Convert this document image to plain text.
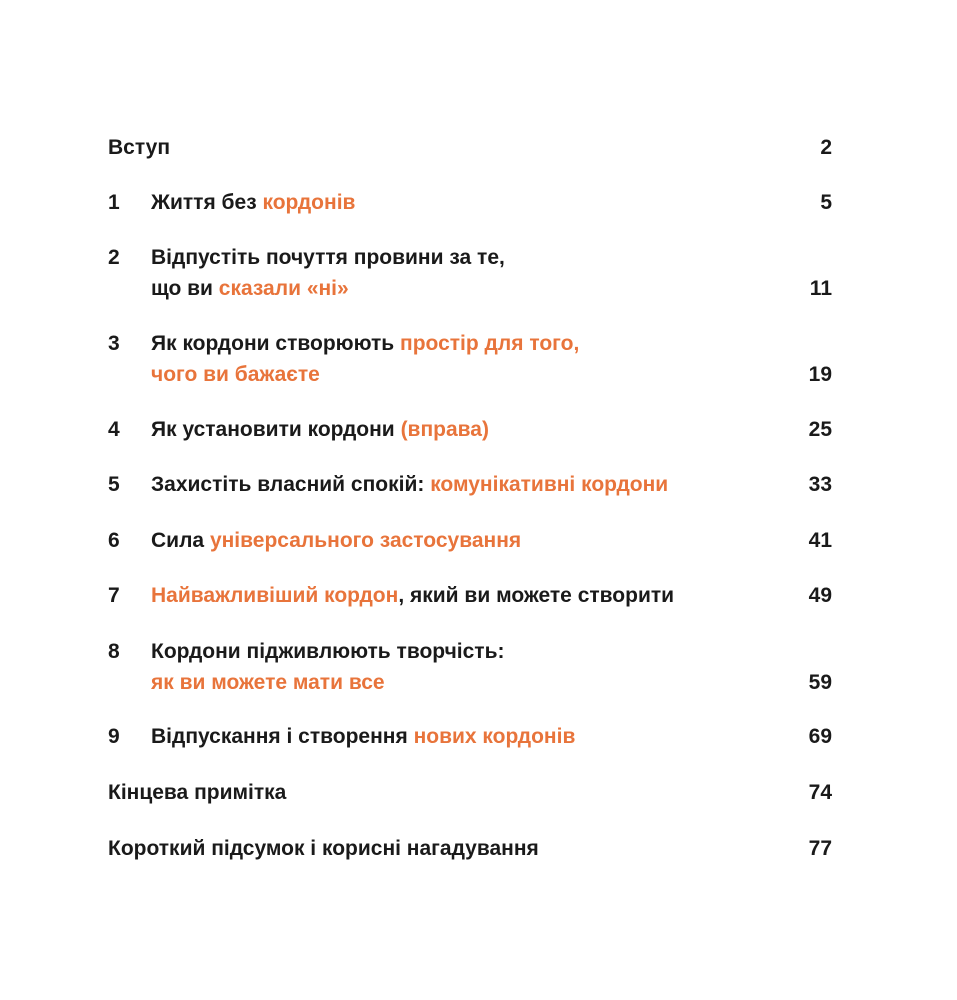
Вступ	2
1 Життя без кордонів	5
2 Відпустіть почуття провини за те,
що ви сказали «ні»	11
3 Як кордони створюють простір для того,
чого ви бажаєте	19
4 Як установити кордони (вправа)	25
5 Захистіть власний спокій: комунікативні кордони	33
6 Сила універсального застосування	41
7 Найважливіший кордон, який ви можете створити	49
8 Кордони підживлюють творчість:
як ви можете мати все	59
9 Відпускання і створення нових кордонів	69
Кінцева примітка	74
Короткий підсумок і корисні нагадування	77
